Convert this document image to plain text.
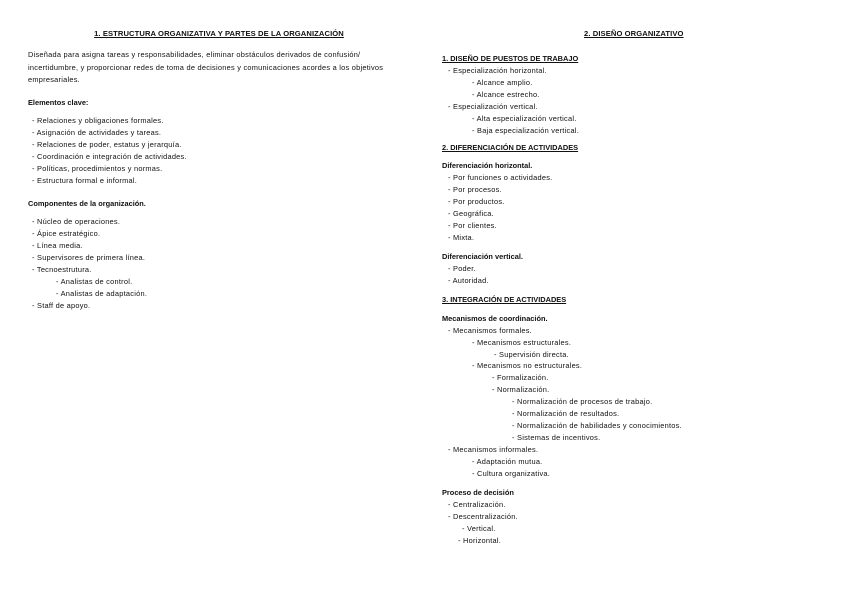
1. ESTRUCTURA ORGANIZATIVA Y PARTES DE LA ORGANIZACIÓN
Diseñada para asigna tareas y responsabilidades, eliminar obstáculos derivados de confusión/
incertidumbre, y proporcionar redes de toma de decisiones y comunicaciones acordes a los objetivos
empresariales.
Elementos clave:
- Relaciones y obligaciones formales.
- Asignación de actividades y tareas.
- Relaciones de poder, estatus y jerarquía.
- Coordinación e integración de actividades.
- Políticas, procedimientos y normas.
- Estructura formal e informal.
Componentes de la organización.
- Núcleo de operaciones.
- Ápice estratégico.
- Línea media.
- Supervisores de primera línea.
- Tecnoestrutura.
- Analistas de control.
- Analistas de adaptación.
- Staff de apoyo.
2. DISEÑO ORGANIZATIVO
1. DISEÑO DE PUESTOS DE TRABAJO
- Especialización horizontal.
- Alcance amplio.
- Alcance estrecho.
- Especialización vertical.
- Alta especialización vertical.
- Baja especialización vertical.
2. DIFERENCIACIÓN DE ACTIVIDADES
Diferenciación horizontal.
- Por funciones o actividades.
- Por procesos.
- Por productos.
- Geográfica.
- Por clientes.
- Mixta.
Diferenciación vertical.
- Poder.
- Autoridad.
3. INTEGRACIÓN DE ACTIVIDADES
Mecanismos de coordinación.
- Mecanismos formales.
- Mecanismos estructurales.
- Supervisión directa.
- Mecanismos no estructurales.
- Formalización.
- Normalización.
- Normalización de procesos de trabajo.
- Normalización de resultados.
- Normalización de habilidades y conocimientos.
- Sistemas de incentivos.
- Mecanismos informales.
- Adaptación mutua.
- Cultura organizativa.
Proceso de decisión
- Centralización.
- Descentralización.
- Vertical.
- Horizontal.
